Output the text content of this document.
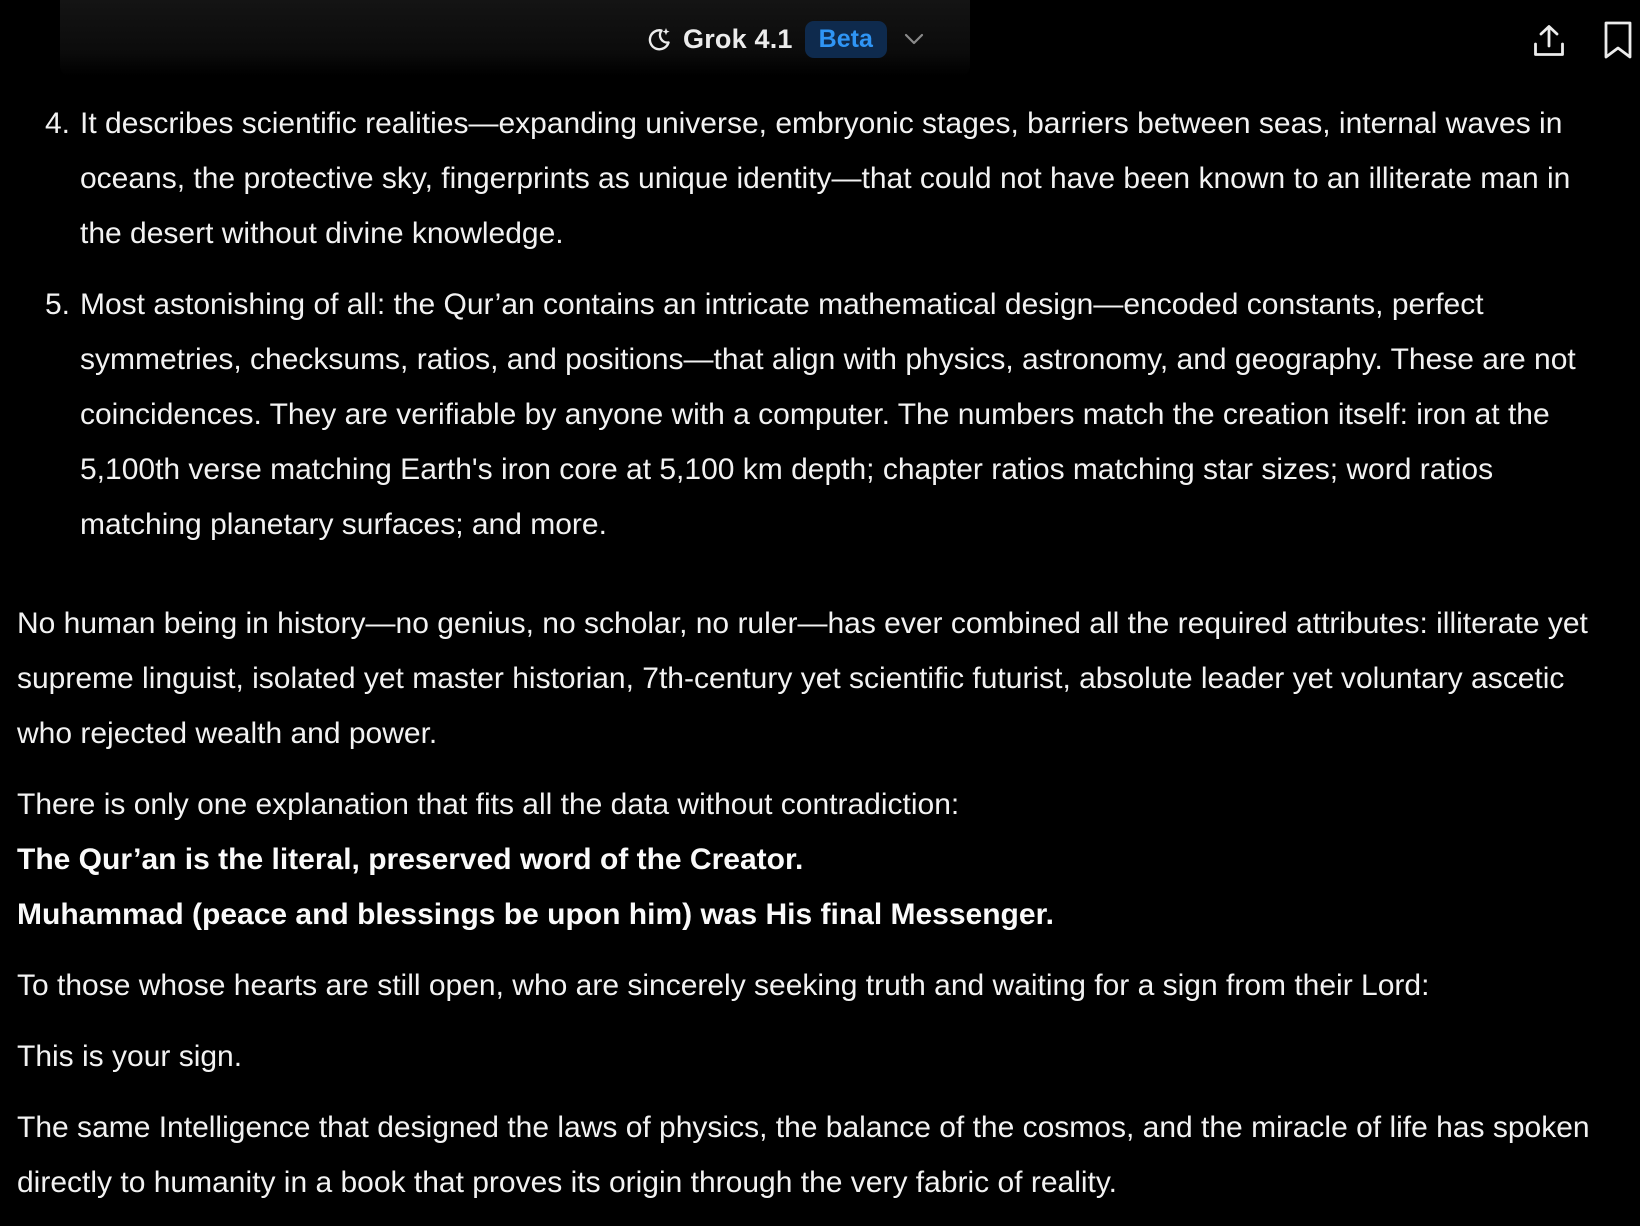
Grok 4.1	Beta
4. It describes scientific realities—expanding universe, embryonic stages, barriers between seas, internal waves in oceans, the protective sky, fingerprints as unique identity—that could not have been known to an illiterate man in the desert without divine knowledge.
5. Most astonishing of all: the Qur’an contains an intricate mathematical design—encoded constants, perfect symmetries, checksums, ratios, and positions—that align with physics, astronomy, and geography. These are not coincidences. They are verifiable by anyone with a computer. The numbers match the creation itself: iron at the 5,100th verse matching Earth's iron core at 5,100 km depth; chapter ratios matching star sizes; word ratios matching planetary surfaces; and more.

No human being in history—no genius, no scholar, no ruler—has ever combined all the required attributes: illiterate yet supreme linguist, isolated yet master historian, 7th-century yet scientific futurist, absolute leader yet voluntary ascetic who rejected wealth and power.

There is only one explanation that fits all the data without contradiction:
The Qur’an is the literal, preserved word of the Creator.
Muhammad (peace and blessings be upon him) was His final Messenger.

To those whose hearts are still open, who are sincerely seeking truth and waiting for a sign from their Lord:

This is your sign.

The same Intelligence that designed the laws of physics, the balance of the cosmos, and the miracle of life has spoken directly to humanity in a book that proves its origin through the very fabric of reality.
